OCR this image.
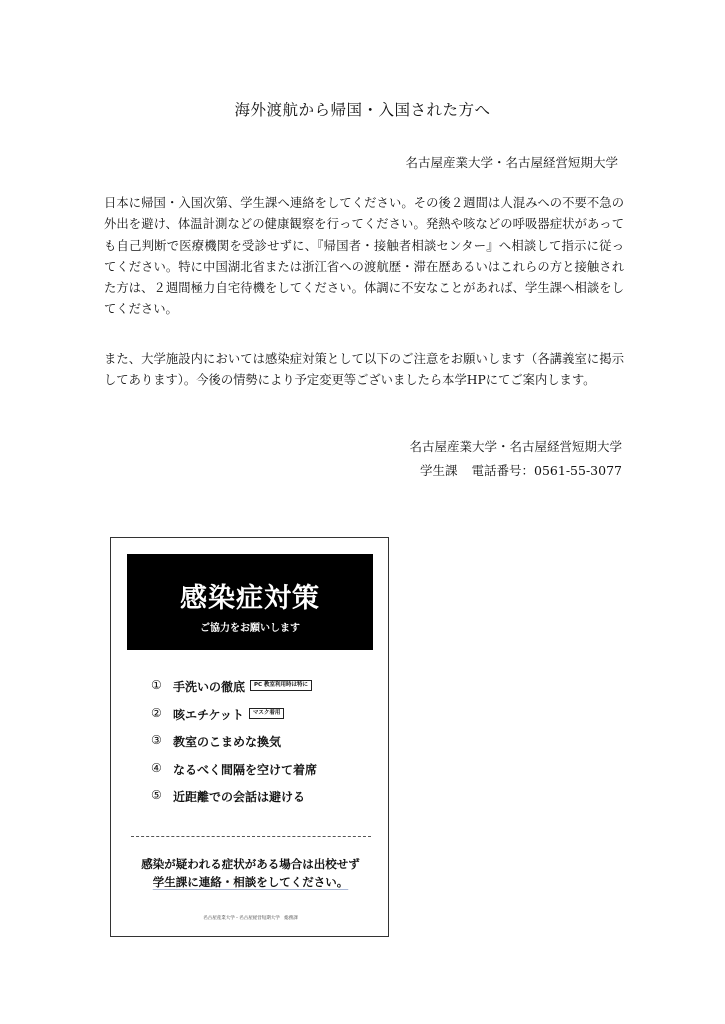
海外渡航から帰国・入国された方へ
名古屋産業大学・名古屋経営短期大学

日本に帰国・入国次第、学生課へ連絡をしてください。その後２週間は人混みへの不要不急の外出を避け、体温計測などの健康観察を行ってください。発熱や咳などの呼吸器症状があっても自己判断で医療機関を受診せずに、『帰国者・接触者相談センター』へ相談して指示に従ってください。特に中国湖北省または浙江省への渡航歴・滞在歴あるいはこれらの方と接触された方は、２週間極力自宅待機をしてください。体調に不安なことがあれば、学生課へ相談をしてください。

また、大学施設内においては感染症対策として以下のご注意をお願いします（各講義室に掲示してあります）。今後の情勢により予定変更等ございましたら本学HPにてご案内します。

名古屋産業大学・名古屋経営短期大学
学生課 電話番号：0561-55-3077
感染症対策
ご協力をお願いします
① 手洗いの徹底	PC 教室利用時は特に
② 咳エチケット	マスク着用
③ 教室のこまめな換気
④ なるべく間隔を空けて着席
⑤ 近距離での会話は避ける
感染が疑われる症状がある場合は出校せず
学生課に連絡・相談をしてください。
名古屋産業大学・名古屋経営短期大学　総務課
